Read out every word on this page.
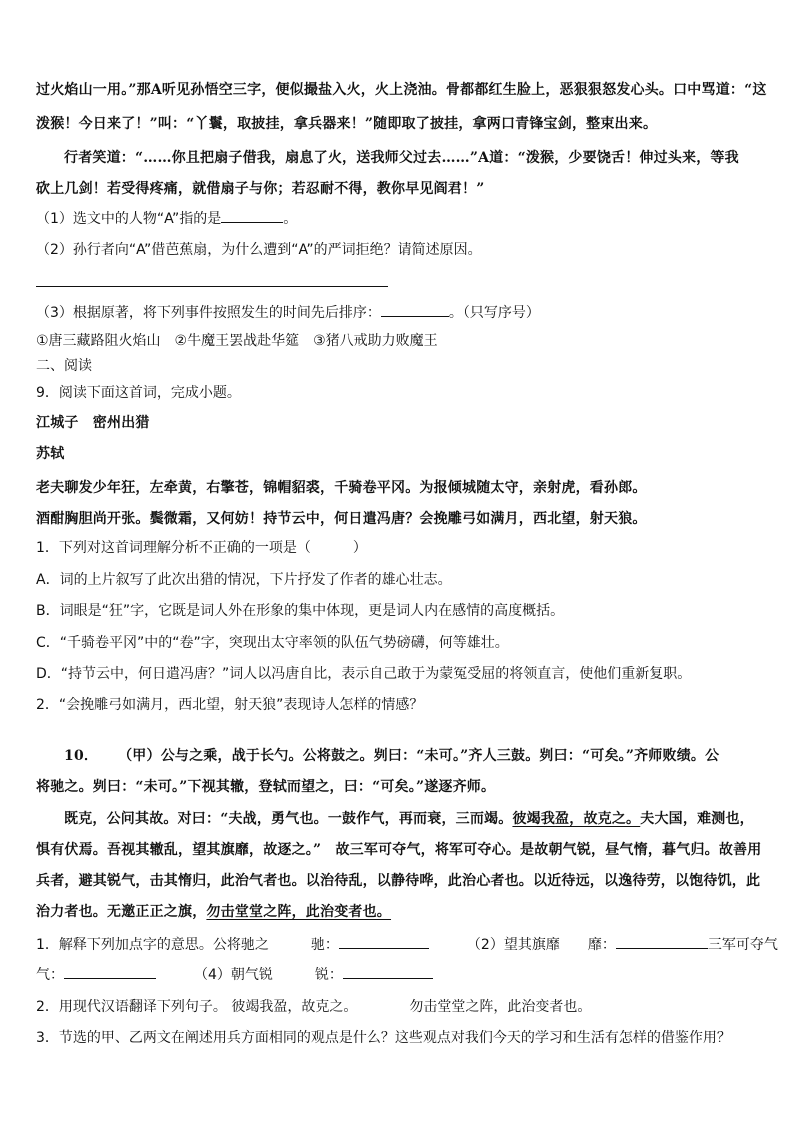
过火焰山一用。”那A听见孙悟空三字，便似撮盐入火，火上浇油。骨都都红生脸上，恶狠狠怒发心头。口中骂道：“这
泼猴！今日来了！”叫：“丫鬟，取披挂，拿兵器来！”随即取了披挂，拿两口青锋宝剑，整束出来。
行者笑道：“……你且把扇子借我，扇息了火，送我师父过去……”A道：“泼猴，少要饶舌！伸过头来，等我
砍上几剑！若受得疼痛，就借扇子与你；若忍耐不得，教你早见阎君！”
（1）选文中的人物“A”指的是	。
（2）孙行者向“A”借芭蕉扇，为什么遭到“A”的严词拒绝？请简述原因。
（3）根据原著，将下列事件按照发生的时间先后排序：	。（只写序号）
①唐三藏路阻火焰山　②牛魔王罢战赴华筵　③猪八戒助力败魔王
二、阅读
9．阅读下面这首词，完成小题。
江城子　密州出猎
苏轼
老夫聊发少年狂，左牵黄，右擎苍，锦帽貂裘，千骑卷平冈。为报倾城随太守，亲射虎，看孙郎。
酒酣胸胆尚开张。鬓微霜，又何妨！持节云中，何日遣冯唐？会挽雕弓如满月，西北望，射天狼。
1．下列对这首词理解分析不正确的一项是（　　　）
A．词的上片叙写了此次出猎的情况，下片抒发了作者的雄心壮志。
B．词眼是“狂”字，它既是词人外在形象的集中体现，更是词人内在感情的高度概括。
C．“千骑卷平冈”中的“卷”字，突现出太守率领的队伍气势磅礴，何等雄壮。
D．“持节云中，何日遣冯唐？”词人以冯唐自比，表示自己敢于为蒙冤受屈的将领直言，使他们重新复职。
2．“会挽雕弓如满月，西北望，射天狼”表现诗人怎样的情感？
10． （甲）公与之乘，战于长勺。公将鼓之。刿曰：“未可。”齐人三鼓。刿曰：“可矣。”齐师败绩。公
将驰之。刿曰：“未可。”下视其辙，登轼而望之，曰：“可矣。”遂逐齐师。
既克，公问其故。对曰：“夫战，勇气也。一鼓作气，再而衰，三而竭。彼竭我盈，故克之。夫大国，难测也，
惧有伏焉。吾视其辙乱，望其旗靡，故逐之。”　故三军可夺气，将军可夺心。是故朝气锐，昼气惰，暮气归。故善用
兵者，避其锐气，击其惰归，此治气者也。以治待乱，以静待哗，此治心者也。以近待远，以逸待劳，以饱待饥，此
治力者也。无邀正正之旗，勿击堂堂之阵，此治变者也。
1．解释下列加点字的意思。公将驰之　　　驰：	（2）望其旗靡　　靡：	三军可夺气
气：	（4）朝气锐　　　锐：
2．用现代汉语翻译下列句子。 彼竭我盈，故克之。	勿击堂堂之阵，此治变者也。
3．节选的甲、乙两文在阐述用兵方面相同的观点是什么？这些观点对我们今天的学习和生活有怎样的借鉴作用？
